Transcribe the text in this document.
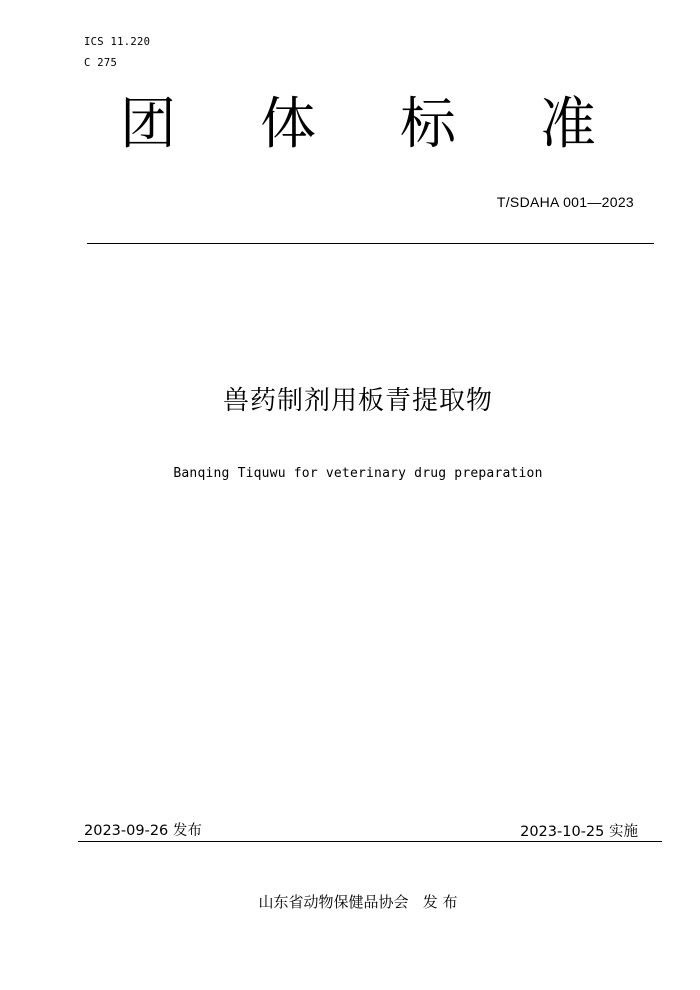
ICS 11.220
C 275
团 体 标 准
T/SDAHA 001—2023
兽药制剂用板青提取物
Banqing Tiquwu for veterinary drug preparation
2023-09-26 发布	2023-10-25 实施
山东省动物保健品协会   发 布
